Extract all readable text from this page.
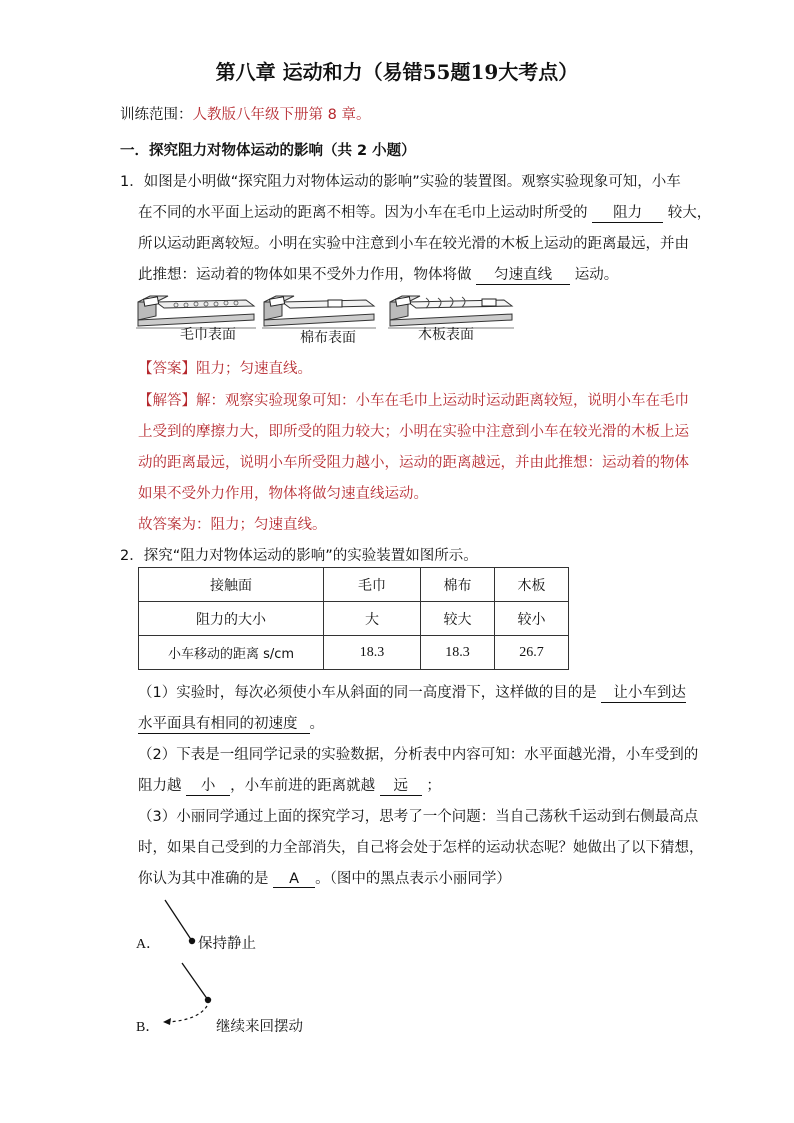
第八章 运动和力（易错55题19大考点）
训练范围：人教版八年级下册第 8 章。
一．探究阻力对物体运动的影响（共 2 小题）
1．如图是小明做“探究阻力对物体运动的影响”实验的装置图。观察实验现象可知，小车
在不同的水平面上运动的距离不相等。因为小车在毛巾上运动时所受的 阻力 较大，
所以运动距离较短。小明在实验中注意到小车在较光滑的木板上运动的距离最远，并由
此推想：运动着的物体如果不受外力作用，物体将做 匀速直线 运动。
毛巾表面	棉布表面	木板表面
【答案】阻力；匀速直线。
【解答】解：观察实验现象可知：小车在毛巾上运动时运动距离较短，说明小车在毛巾
上受到的摩擦力大，即所受的阻力较大；小明在实验中注意到小车在较光滑的木板上运
动的距离最远，说明小车所受阻力越小，运动的距离越远，并由此推想：运动着的物体
如果不受外力作用，物体将做匀速直线运动。
故答案为：阻力；匀速直线。
2．探究“阻力对物体运动的影响”的实验装置如图所示。
接触面	毛巾	棉布	木板
阻力的大小	大	较大	较小
小车移动的距离 s/cm	18.3	18.3	26.7
（1）实验时，每次必须使小车从斜面的同一高度滑下，这样做的目的是 让小车到达
水平面具有相同的初速度 。
（2）下表是一组同学记录的实验数据，分析表中内容可知：水平面越光滑，小车受到的
阻力越 小 ，小车前进的距离就越 远 ；
（3）小丽同学通过上面的探究学习，思考了一个问题：当自己荡秋千运动到右侧最高点
时，如果自己受到的力全部消失，自己将会处于怎样的运动状态呢？她做出了以下猜想，
你认为其中准确的是 A 。（图中的黑点表示小丽同学）
A．	保持静止
B．	继续来回摆动
